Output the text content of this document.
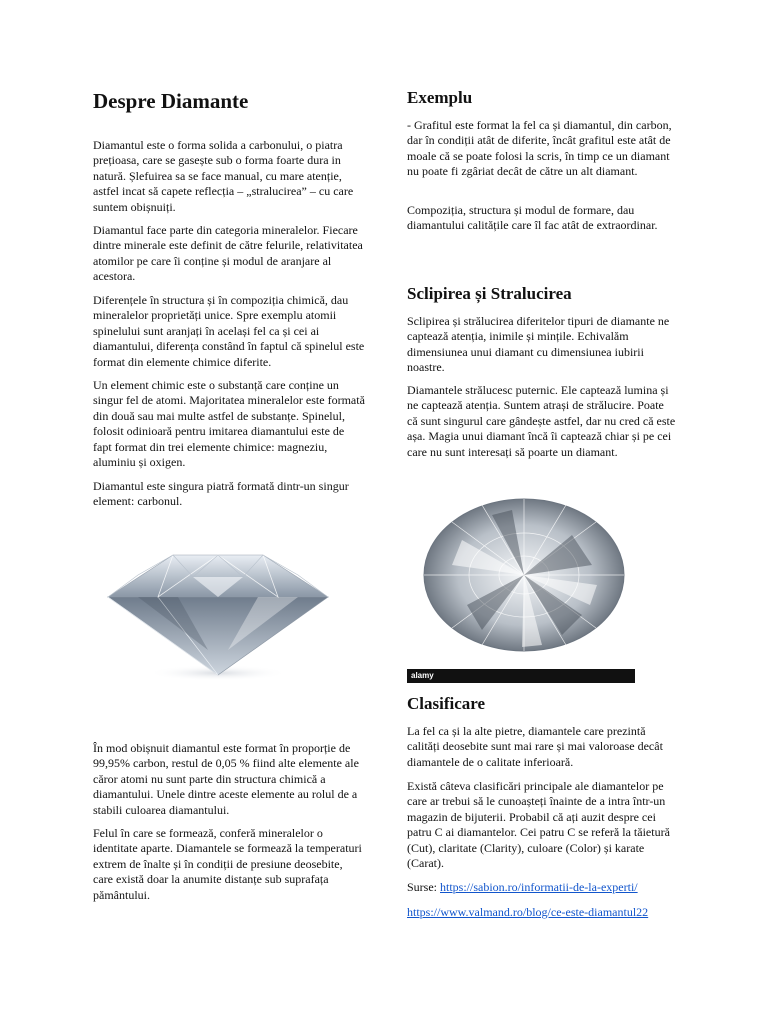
Despre Diamante

Diamantul este o forma solida a carbonului, o piatra prețioasa, care se gasește sub o forma foarte dura in natură. Șlefuirea sa se face manual, cu mare atenție, astfel incat să capete reflecția – „stralucirea” – cu care suntem obișnuiți.

Diamantul face parte din categoria mineralelor. Fiecare dintre minerale este definit de către felurile, relativitatea atomilor pe care îi conține și modul de aranjare al acestora.

Diferențele în structura și în compoziția chimică, dau mineralelor proprietăți unice. Spre exemplu atomii spinelului sunt aranjați în același fel ca și cei ai diamantului, diferența constând în faptul că spinelul este format din elemente chimice diferite.

Un element chimic este o substanță care conține un singur fel de atomi. Majoritatea mineralelor este formată din două sau mai multe astfel de substanțe. Spinelul, folosit odinioară pentru imitarea diamantului este de fapt format din trei elemente chimice: magneziu, aluminiu și oxigen.

Diamantul este singura piatră formată dintr-un singur element: carbonul.

În mod obișnuit diamantul este format în proporție de 99,95% carbon, restul de 0,05 % fiind alte elemente ale căror atomi nu sunt parte din structura chimică a diamantului. Unele dintre aceste elemente au rolul de a stabili culoarea diamantului.

Felul în care se formează, conferă mineralelor o identitate aparte. Diamantele se formează la temperaturi extrem de înalte și în condiții de presiune deosebite, care există doar la anumite distanțe sub suprafața pământului.

Exemplu

- Grafitul este format la fel ca și diamantul, din carbon, dar în condiții atât de diferite, încât grafitul este atât de moale că se poate folosi la scris, în timp ce un diamant nu poate fi zgâriat decât de către un alt diamant.

Compoziția, structura și modul de formare, dau diamantului calitățile care îl fac atât de extraordinar.

Sclipirea și Stralucirea

Sclipirea și strălucirea diferitelor tipuri de diamante ne captează atenția, inimile și mințile. Echivalăm dimensiunea unui diamant cu dimensiunea iubirii noastre.

Diamantele strălucesc puternic. Ele captează lumina și ne captează atenția. Suntem atrași de strălucire. Poate că sunt singurul care gândește astfel, dar nu cred că este așa. Magia unui diamant încă îi captează chiar și pe cei care nu sunt interesați să poarte un diamant.

alamy
Clasificare

La fel ca și la alte pietre, diamantele care prezintă calități deosebite sunt mai rare și mai valoroase decât diamantele de o calitate inferioară.

Există câteva clasificări principale ale diamantelor pe care ar trebui să le cunoașteți înainte de a intra într-un magazin de bijuterii. Probabil că ați auzit despre cei patru C ai diamantelor. Cei patru C se referă la tăietură (Cut), claritate (Clarity), culoare (Color) și karate (Carat).

Surse: https://sabion.ro/informatii-de-la-experti/

https://www.valmand.ro/blog/ce-este-diamantul22
